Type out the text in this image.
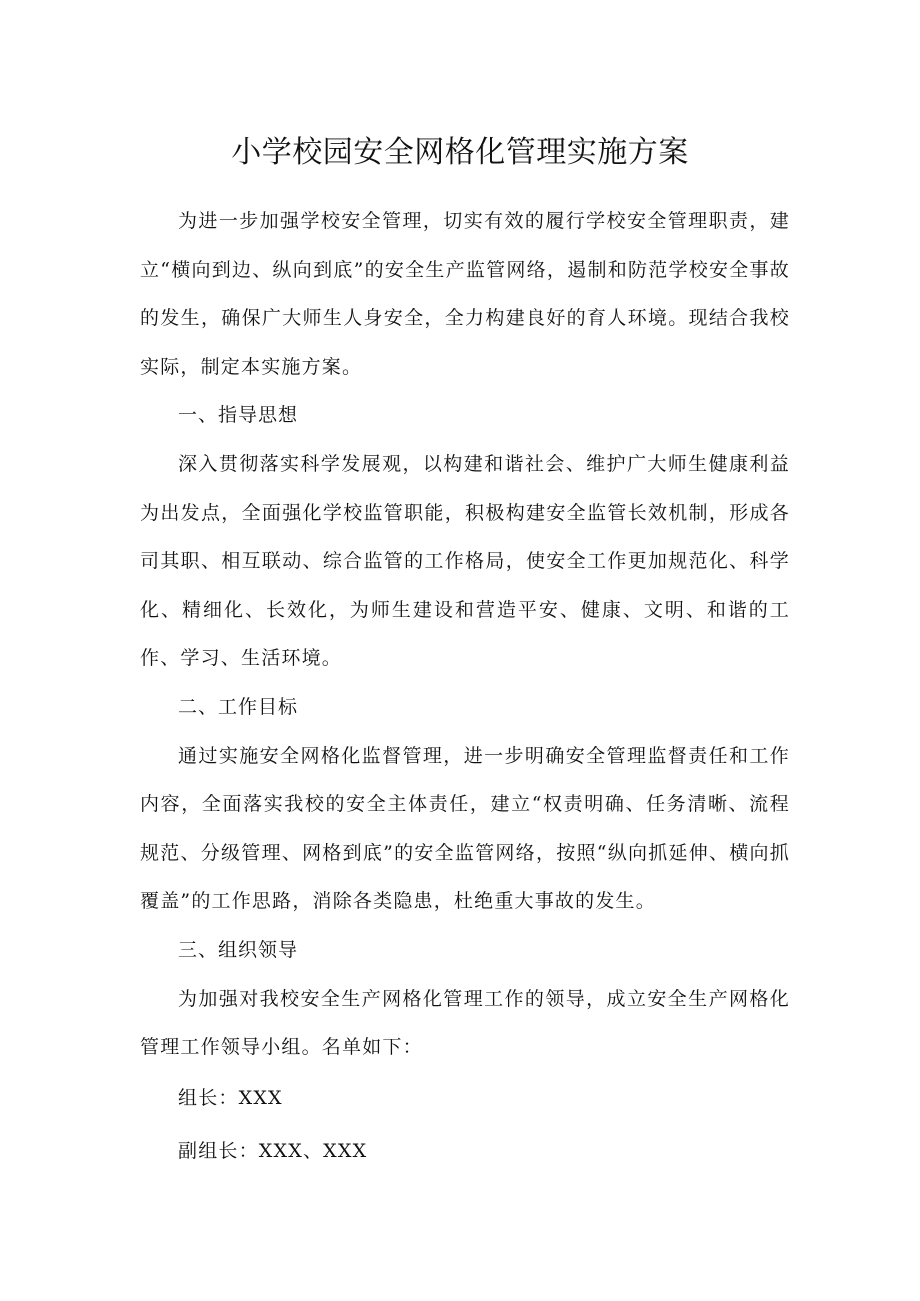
小学校园安全网格化管理实施方案

为进一步加强学校安全管理，切实有效的履行学校安全管理职责，建立“横向到边、纵向到底”的安全生产监管网络，遏制和防范学校安全事故的发生，确保广大师生人身安全，全力构建良好的育人环境。现结合我校实际，制定本实施方案。

一、指导思想

深入贯彻落实科学发展观，以构建和谐社会、维护广大师生健康利益为出发点，全面强化学校监管职能，积极构建安全监管长效机制，形成各司其职、相互联动、综合监管的工作格局，使安全工作更加规范化、科学化、精细化、长效化，为师生建设和营造平安、健康、文明、和谐的工作、学习、生活环境。

二、工作目标

通过实施安全网格化监督管理，进一步明确安全管理监督责任和工作内容，全面落实我校的安全主体责任，建立“权责明确、任务清晰、流程规范、分级管理、网格到底”的安全监管网络，按照“纵向抓延伸、横向抓覆盖”的工作思路，消除各类隐患，杜绝重大事故的发生。

三、组织领导

为加强对我校安全生产网格化管理工作的领导，成立安全生产网格化管理工作领导小组。名单如下：

组长：XXX
副组长：XXX、XXX
